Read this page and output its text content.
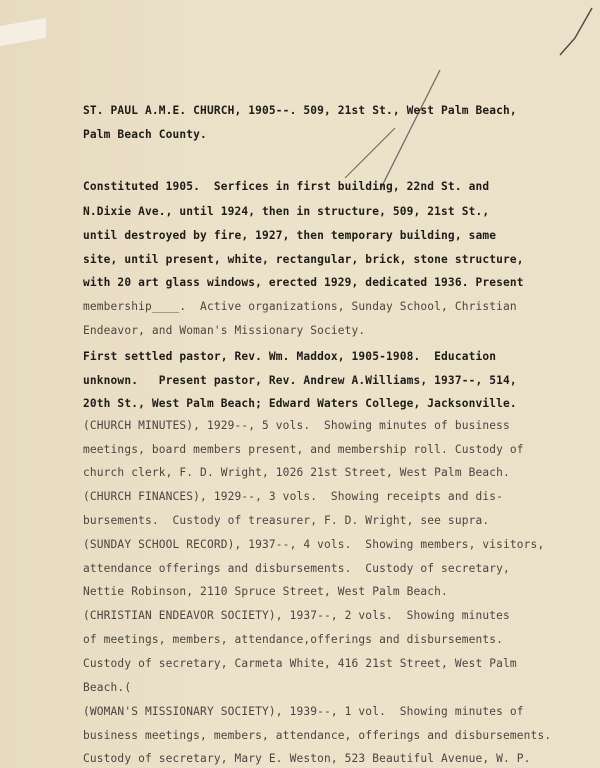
ST. PAUL A.M.E. CHURCH, 1905--. 509, 21st St., West Palm Beach,
Palm Beach County.
Constituted 1905.  Serfices in first building, 22nd St. and
N.Dixie Ave., until 1924, then in structure, 509, 21st St.,
until destroyed by fire, 1927, then temporary building, same
site, until present, white, rectangular, brick, stone structure,
with 20 art glass windows, erected 1929, dedicated 1936. Present
membership____.  Active organizations, Sunday School, Christian
Endeavor, and Woman's Missionary Society.
First settled pastor, Rev. Wm. Maddox, 1905-1908.  Education
unknown.   Present pastor, Rev. Andrew A.Williams, 1937--, 514,
20th St., West Palm Beach; Edward Waters College, Jacksonville.
(CHURCH MINUTES), 1929--, 5 vols.  Showing minutes of business
meetings, board members present, and membership roll. Custody of
church clerk, F. D. Wright, 1026 21st Street, West Palm Beach.
(CHURCH FINANCES), 1929--, 3 vols.  Showing receipts and dis-
bursements.  Custody of treasurer, F. D. Wright, see supra.
(SUNDAY SCHOOL RECORD), 1937--, 4 vols.  Showing members, visitors,
attendance offerings and disbursements.  Custody of secretary,
Nettie Robinson, 2110 Spruce Street, West Palm Beach.
(CHRISTIAN ENDEAVOR SOCIETY), 1937--, 2 vols.  Showing minutes
of meetings, members, attendance,offerings and disbursements.
Custody of secretary, Carmeta White, 416 21st Street, West Palm
Beach.(
(WOMAN'S MISSIONARY SOCIETY), 1939--, 1 vol.  Showing minutes of
business meetings, members, attendance, offerings and disbursements.
Custody of secretary, Mary E. Weston, 523 Beautiful Avenue, W. P.
